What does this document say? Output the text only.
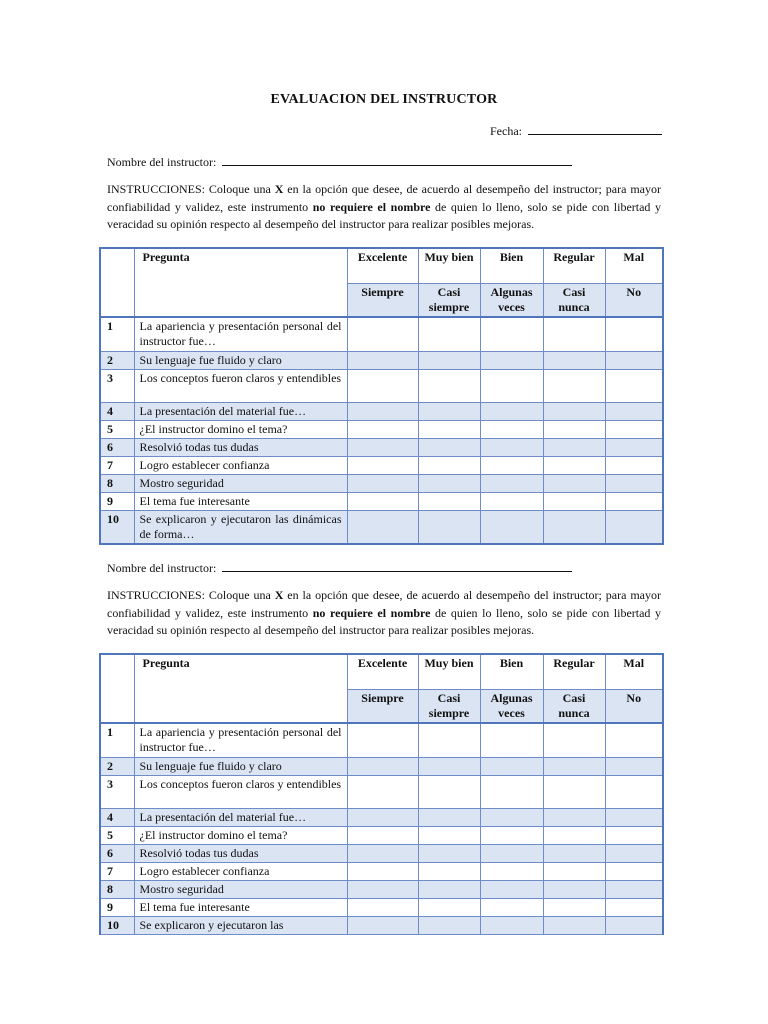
EVALUACION DEL INSTRUCTOR
Fecha:
Nombre del instructor:
INSTRUCCIONES: Coloque una X en la opción que desee, de acuerdo al desempeño del instructor; para mayor confiabilidad y validez, este instrumento no requiere el nombre de quien lo lleno, solo se pide con libertad y veracidad su opinión respecto al desempeño del instructor para realizar posibles mejoras.
	Pregunta	Excelente	Muy bien	Bien	Regular	Mal
		Siempre	Casi siempre	Algunas veces	Casi nunca	No
1	La apariencia y presentación personal del instructor fue…					
2	Su lenguaje fue fluido y claro					
3	Los conceptos fueron claros y entendibles					
4	La presentación del material fue…					
5	¿El instructor domino el tema?					
6	Resolvió todas tus dudas					
7	Logro establecer confianza					
8	Mostro seguridad					
9	El tema fue interesante					
10	Se explicaron y ejecutaron las dinámicas de forma…					
Nombre del instructor:
INSTRUCCIONES: Coloque una X en la opción que desee, de acuerdo al desempeño del instructor; para mayor confiabilidad y validez, este instrumento no requiere el nombre de quien lo lleno, solo se pide con libertad y veracidad su opinión respecto al desempeño del instructor para realizar posibles mejoras.
	Pregunta	Excelente	Muy bien	Bien	Regular	Mal
		Siempre	Casi siempre	Algunas veces	Casi nunca	No
1	La apariencia y presentación personal del instructor fue…					
2	Su lenguaje fue fluido y claro					
3	Los conceptos fueron claros y entendibles					
4	La presentación del material fue…					
5	¿El instructor domino el tema?					
6	Resolvió todas tus dudas					
7	Logro establecer confianza					
8	Mostro seguridad					
9	El tema fue interesante					
10	Se explicaron y ejecutaron las					
